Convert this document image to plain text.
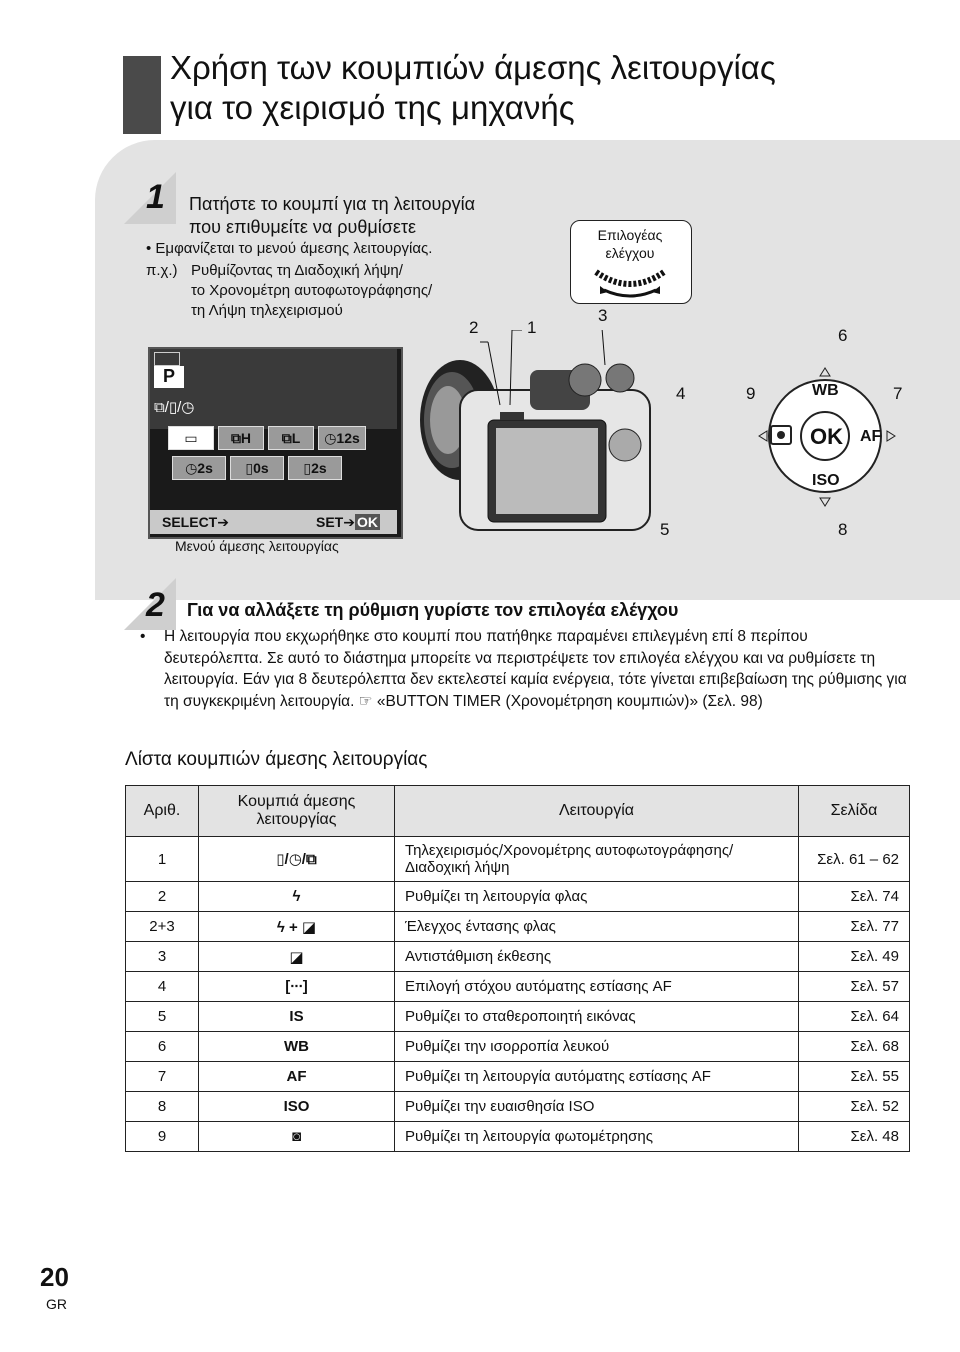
Χρήση των κουμπιών άμεσης λειτουργίας
για το χειρισμό της μηχανής
1 Πατήστε το κουμπί για τη λειτουργία
που επιθυμείτε να ρυθμίσετε
• Εμφανίζεται το μενού άμεσης λειτουργίας.
π.χ.) Ρυθμίζοντας τη Διαδοχική λήψη/
το Χρονομέτρη αυτοφωτογράφησης/
τη Λήψη τηλεχειρισμού
Επιλογέας
ελέγχου
2	1
3
6
4	9	7
5	8
WB
OK AF
ISO
P
⧉/▯/◷
▭	⧉H	⧉L	◷12s
◷2s	▯0s	▯2s
SELECT➔	SET➔ OK
Μενού άμεσης λειτουργίας
2 Για να αλλάξετε τη ρύθμιση γυρίστε τον επιλογέα ελέγχου
• Η λειτουργία που εκχωρήθηκε στο κουμπί που πατήθηκε παραμένει επιλεγμένη επί 8 περίπου δευτερόλεπτα. Σε αυτό το διάστημα μπορείτε να περιστρέψετε τον επιλογέα ελέγχου και να ρυθμίσετε τη λειτουργία. Εάν για 8 δευτερόλεπτα δεν εκτελεστεί καμία ενέργεια, τότε γίνεται επιβεβαίωση της ρύθμισης για τη συγκεκριμένη λειτουργία. ☞ «BUTTON TIMER (Χρονομέτρηση κουμπιών)» (Σελ. 98)
Λίστα κουμπιών άμεσης λειτουργίας
Αριθ.	Κουμπιά άμεσης λειτουργίας	Λειτουργία	Σελίδα
1	▯/◷/⧉	Τηλεχειρισμός/Χρονομέτρης αυτοφωτογράφησης/ Διαδοχική λήψη	Σελ. 61 – 62
2	ϟ	Ρυθμίζει τη λειτουργία φλας	Σελ. 74
2+3	ϟ + ◪	Έλεγχος έντασης φλας	Σελ. 77
3	◪	Αντιστάθμιση έκθεσης	Σελ. 49
4	[∙∙∙]	Επιλογή στόχου αυτόματης εστίασης AF	Σελ. 57
5	IS	Ρυθμίζει το σταθεροποιητή εικόνας	Σελ. 64
6	WB	Ρυθμίζει την ισορροπία λευκού	Σελ. 68
7	AF	Ρυθμίζει τη λειτουργία αυτόματης εστίασης AF	Σελ. 55
8	ISO	Ρυθμίζει την ευαισθησία ISO	Σελ. 52
9	◙	Ρυθμίζει τη λειτουργία φωτομέτρησης	Σελ. 48
20
GR
